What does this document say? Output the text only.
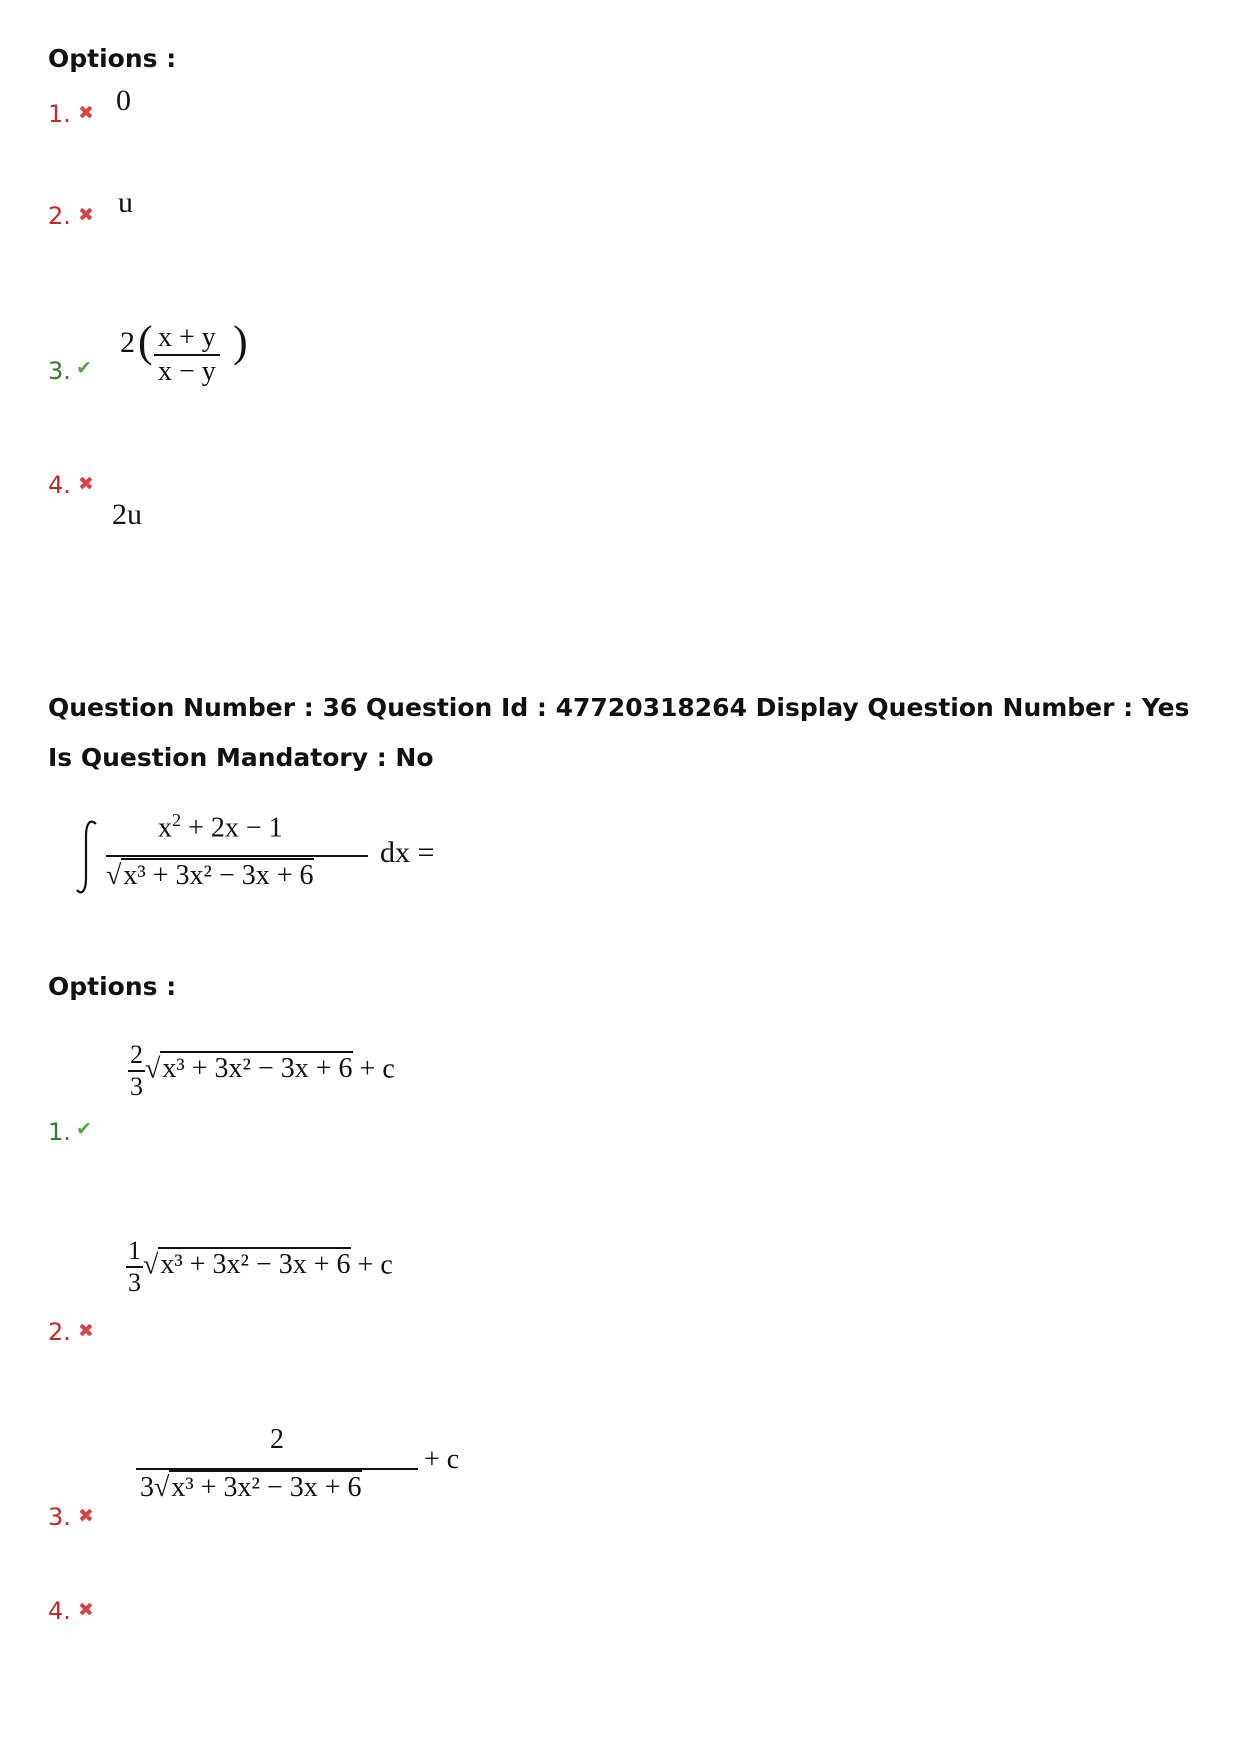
Options :
1. ✖ 0
2. ✖ u
3. ✔
2 ( $\frac{x + y}{x - y}$ )
4. ✖
2u
Question Number : 36 Question Id : 47720318264 Display Question Number : Yes Is Question Mandatory : No
$x^2 + 2x - 1$
√x³ + 3x² − 3x + 6
dx =
Options :
1. ✔
$\frac{2}{3} √x^3 + 3x^2 - 3x + 6 + c$
2. ✖
$\frac{1}{3} √x^3 + 3x^2 - 3x + 6 + c$
3. ✖
2
3√x³ + 3x² − 3x + 6
+ c
4. ✖
